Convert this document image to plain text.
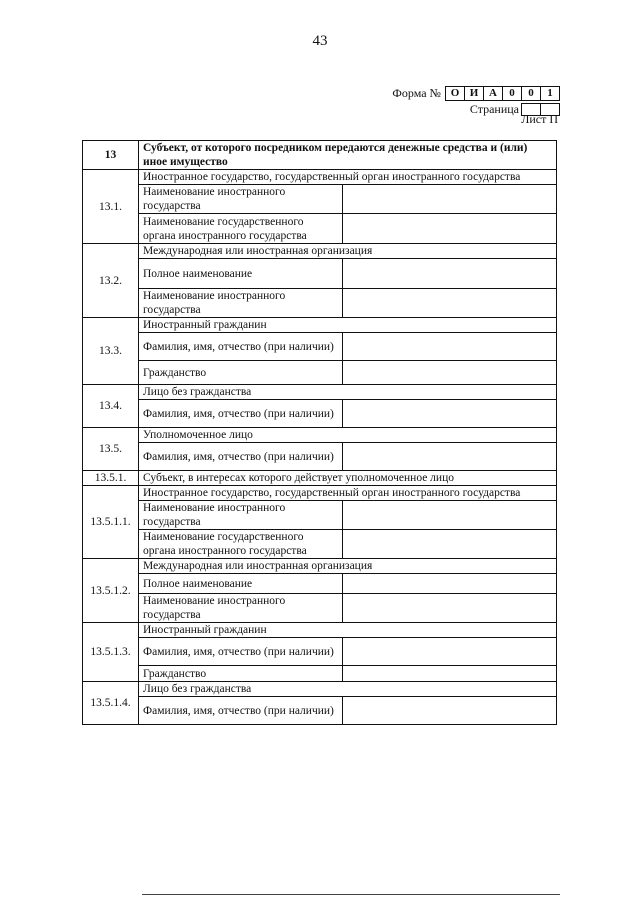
43
Форма № О И А	0	0	1
Страница
Лист П
13	Субъект, от которого посредником передаются денежные средства и (или) иное имущество	
13.1.	Иностранное государство, государственный орган иностранного государства	
	Наименование иностранного государства	
	Наименование государственного органа иностранного государства	
13.2.	Международная или иностранная организация	
	Полное наименование	
	Наименование иностранного государства	
13.3.	Иностранный гражданин	
	Фамилия, имя, отчество (при наличии)	
	Гражданство	
13.4.	Лицо без гражданства	
	Фамилия, имя, отчество (при наличии)	
13.5.	Уполномоченное лицо	
	Фамилия, имя, отчество (при наличии)	
13.5.1.	Субъект, в интересах которого действует уполномоченное лицо	
13.5.1.1.	Иностранное государство, государственный орган иностранного государства	
	Наименование иностранного государства	
	Наименование государственного органа иностранного государства	
13.5.1.2.	Международная или иностранная организация	
	Полное наименование	
	Наименование иностранного государства	
13.5.1.3.	Иностранный гражданин	
	Фамилия, имя, отчество (при наличии)	
	Гражданство	
13.5.1.4.	Лицо без гражданства	
	Фамилия, имя, отчество (при наличии)	
